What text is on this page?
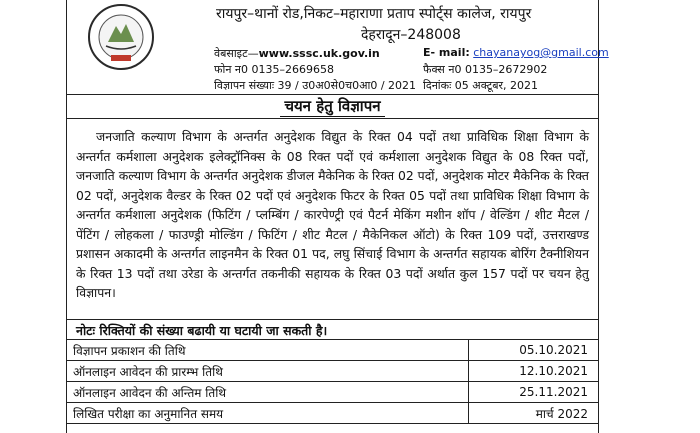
रायपुर–थानों रोड,निकट–महाराणा प्रताप स्पोर्ट्स कालेज, रायपुर
देहरादून–248008
वेबसाइट—www.sssc.uk.gov.in	E- mail: chayanayog@gmail.com
फोन न0 0135–2669658	फैक्स न0 0135–2672902
विज्ञापन संख्याः 39 / उ0अ0से0च0आ0 / 2021 दिनांकः 05 अक्टूबर, 2021
चयन हेतु विज्ञापन
जनजाति कल्याण विभाग के अन्तर्गत अनुदेशक विद्युत के रिक्त 04 पदों तथा प्राविधिक शिक्षा विभाग के अन्तर्गत कर्मशाला अनुदेशक इलेक्ट्रॉनिक्स के 08 रिक्त पदों एवं कर्मशाला अनुदेशक विद्युत के 08 रिक्त पदों, जनजाति कल्याण विभाग के अन्तर्गत अनुदेशक डीजल मैकेनिक के रिक्त 02 पदों, अनुदेशक मोटर मैकेनिक के रिक्त 02 पदों, अनुदेशक वैल्डर के रिक्त 02 पदों एवं अनुदेशक फिटर के रिक्त 05 पदों तथा प्राविधिक शिक्षा विभाग के अन्तर्गत कर्मशाला अनुदेशक (फिटिंग / प्लम्बिंग / कारपेण्ट्री एवं पैटर्न मेकिंग मशीन शॉप / वेल्डिंग / शीट मैटल / पेंटिंग / लोहकला / फाउण्ड्री मोल्डिंग / फिटिंग / शीट मैटल / मैकेनिकल ऑटो) के रिक्त 109 पदों, उत्तराखण्ड प्रशासन अकादमी के अन्तर्गत लाइनमैन के रिक्त 01 पद, लघु सिंचाई विभाग के अन्तर्गत सहायक बोरिंग टैक्नीशियन के रिक्त 13 पदों तथा उरेडा के अन्तर्गत तकनीकी सहायक के रिक्त 03 पदों अर्थात कुल 157 पदों पर चयन हेतु विज्ञापन।
नोटः रिक्तियों की संख्या बढायी या घटायी जा सकती है।
विज्ञापन प्रकाशन की तिथि	05.10.2021
ऑनलाइन आवेदन की प्रारम्भ तिथि	12.10.2021
ऑनलाइन आवेदन की अन्तिम तिथि	25.11.2021
लिखित परीक्षा का अनुमानित समय	मार्च 2022
